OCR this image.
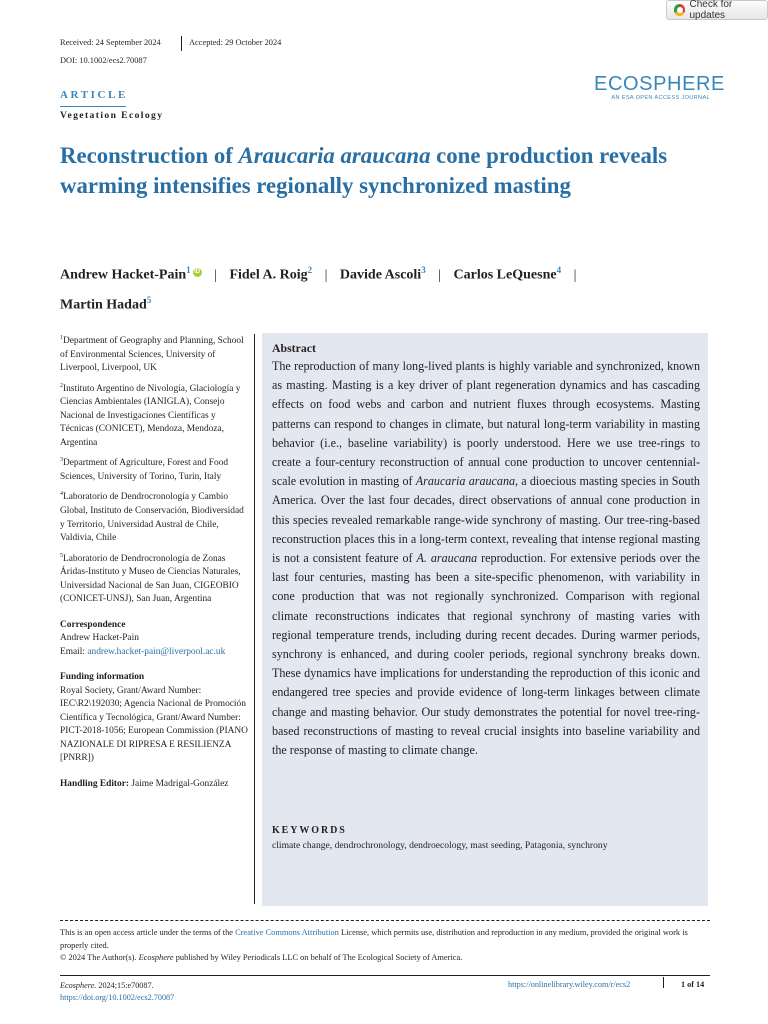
Check for updates
Received: 24 September 2024	Accepted: 29 October 2024
DOI: 10.1002/ecs2.70087
ECOSPHERE
AN ESA OPEN ACCESS JOURNAL
ARTICLE
Vegetation Ecology
Reconstruction of Araucaria araucana cone production reveals warming intensifies regionally synchronized masting
Andrew Hacket-Pain$^1$ iD | Fidel A. Roig$^2$ | Davide Ascoli$^3$ | Carlos LeQuesne$^4$ |
Martin Hadad$^5$
$^1$Department of Geography and Planning, School of Environmental Sciences, University of Liverpool, Liverpool, UK
$^2$Instituto Argentino de Nivología, Glaciología y Ciencias Ambientales (IANIGLA), Consejo Nacional de Investigaciones Científicas y Técnicas (CONICET), Mendoza, Mendoza, Argentina
$^3$Department of Agriculture, Forest and Food Sciences, University of Torino, Turin, Italy
$^4$Laboratorio de Dendrocronología y Cambio Global, Instituto de Conservación, Biodiversidad y Territorio, Universidad Austral de Chile, Valdivia, Chile
$^5$Laboratorio de Dendrocronología de Zonas Áridas-Instituto y Museo de Ciencias Naturales, Universidad Nacional de San Juan, CIGEOBIO (CONICET-UNSJ), San Juan, Argentina
Correspondence
Andrew Hacket-Pain
Email: andrew.hacket-pain@liverpool.ac.uk
Funding information
Royal Society, Grant/Award Number: IEC\R2\192030; Agencia Nacional de Promoción Científica y Tecnológica, Grant/Award Number: PICT-2018-1056; European Commission (PIANO NAZIONALE DI RIPRESA E RESILIENZA [PNRR])
Handling Editor: Jaime Madrigal-González
Abstract
The reproduction of many long-lived plants is highly variable and synchronized, known as masting. Masting is a key driver of plant regeneration dynamics and has cascading effects on food webs and carbon and nutrient fluxes through ecosystems. Masting patterns can respond to changes in climate, but natural long-term variability in masting behavior (i.e., baseline variability) is poorly understood. Here we use tree-rings to create a four-century reconstruction of annual cone production to uncover centennial-scale evolution in masting of Araucaria araucana, a dioecious masting species in South America. Over the last four decades, direct observations of annual cone production in this species revealed remarkable range-wide synchrony of masting. Our tree-ring-based reconstruction places this in a long-term context, revealing that intense regional masting is not a consistent feature of A. araucana reproduction. For extensive periods over the last four centuries, masting has been a site-specific phenomenon, with variability in cone production that was not regionally synchronized. Comparison with regional climate reconstructions indicates that regional synchrony of masting varies with regional temperature trends, including during recent decades. During warmer periods, synchrony is enhanced, and during cooler periods, regional synchrony breaks down. These dynamics have implications for understanding the reproduction of this iconic and endangered tree species and provide evidence of long-term linkages between climate change and masting behavior. Our study demonstrates the potential for novel tree-ring-based reconstructions of masting to reveal crucial insights into baseline variability and the response of masting to climate change.
KEYWORDS
climate change, dendrochronology, dendroecology, mast seeding, Patagonia, synchrony
This is an open access article under the terms of the Creative Commons Attribution License, which permits use, distribution and reproduction in any medium, provided the original work is properly cited.
© 2024 The Author(s). Ecosphere published by Wiley Periodicals LLC on behalf of The Ecological Society of America.
Ecosphere. 2024;15:e70087.
https://doi.org/10.1002/ecs2.70087
https://onlinelibrary.wiley.com/r/ecs2	1 of 14
